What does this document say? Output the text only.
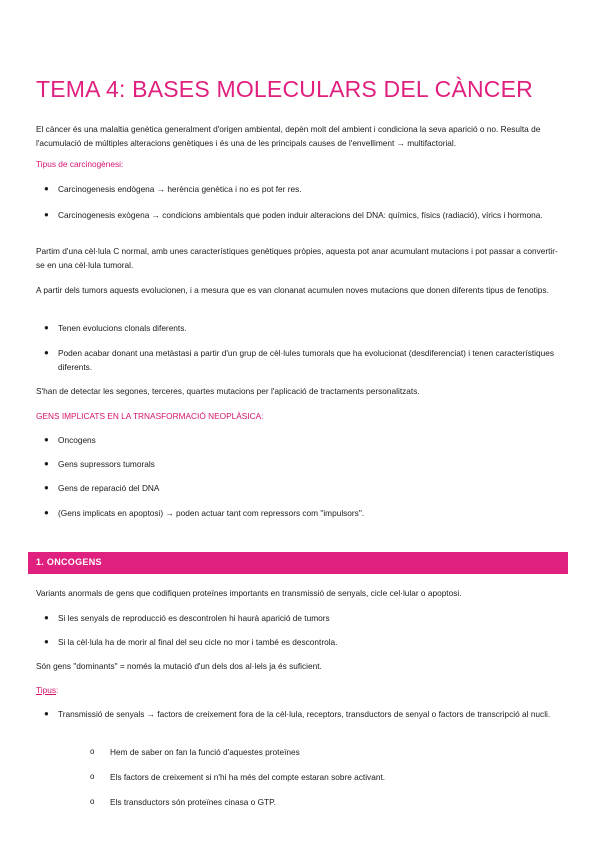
TEMA 4: BASES MOLECULARS DEL CÀNCER

El càncer és una malaltia genètica generalment d'origen ambiental, depèn molt del ambient i condiciona la seva aparició o no. Resulta de l'acumulació de múltiples alteracions genètiques i és una de les principals causes de l'envelliment → multifactorial.

Tipus de carcinogènesi:

● Carcinogenesis endògena → herència genètica i no es pot fer res.
● Carcinogenesis exògena → condicions ambientals que poden induir alteracions del DNA: químics, físics (radiació), vírics i hormona.

Partim d'una cèl·lula C normal, amb unes característiques genètiques pròpies, aquesta pot anar acumulant mutacions i pot passar a convertir-se en una cèl·lula tumoral.

A partir dels tumors aquests evolucionen, i a mesura que es van clonanat acumulen noves mutacions que donen diferents tipus de fenotips.

● Tenen evolucions clonals diferents.
● Poden acabar donant una metàstasi a partir d'un grup de cèl·lules tumorals que ha evolucionat (desdiferenciat) i tenen característiques diferents.

S'han de detectar les segones, terceres, quartes mutacions per l'aplicació de tractaments personalitzats.

GENS IMPLICATS EN LA TRNASFORMACIÓ NEOPLÀSICA:

● Oncogens
● Gens supressors tumorals
● Gens de reparació del DNA
● (Gens implicats en apoptosi) → poden actuar tant com repressors com "impulsors".
1. ONCOGENS

Variants anormals de gens que codifiquen proteïnes importants en transmissió de senyals, cicle cel·lular o apoptosi.

● Si les senyals de reproducció es descontrolen hi haurà aparició de tumors
● Si la cèl·lula ha de morir al final del seu cicle no mor i també es descontrola.

Són gens "dominants" = només la mutació d'un dels dos al·lels ja és suficient.

Tipus:

● Transmissió de senyals → factors de creixement fora de la cèl·lula, receptors, transductors de senyal o factors de transcripció al nucli.
o Hem de saber on fan la funció d'aquestes proteïnes
o Els factors de creixement si n'hi ha més del compte estaran sobre activant.
o Els transductors són proteïnes cinasa o GTP.
